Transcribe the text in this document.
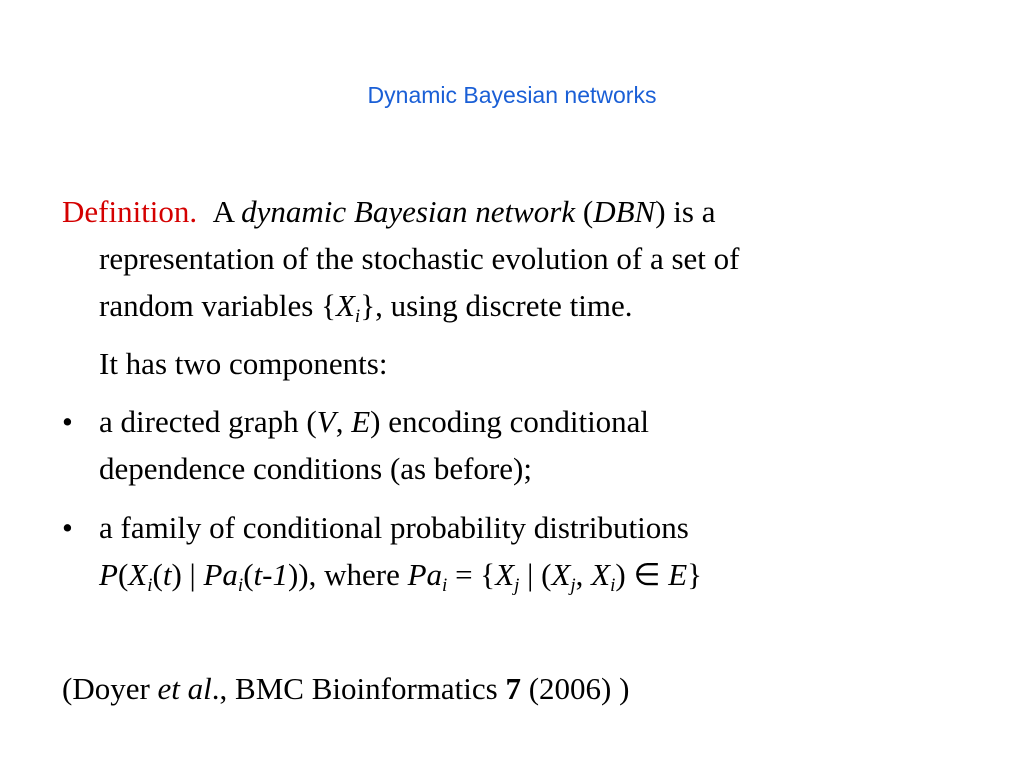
Dynamic Bayesian networks
Definition. A dynamic Bayesian network (DBN) is a
representation of the stochastic evolution of a set of
random variables $\{X_i\}$, using discrete time.
It has two components:
• a directed graph (V, E) encoding conditional
dependence conditions (as before);
• a family of conditional probability distributions
$P(X_i(t)$ | $Pa_i(t-1)$), where $Pa_i = \{X_j$ | ($X_j$, $X_i$) ∈ E}
(Doyer et al., BMC Bioinformatics 7 (2006) )
